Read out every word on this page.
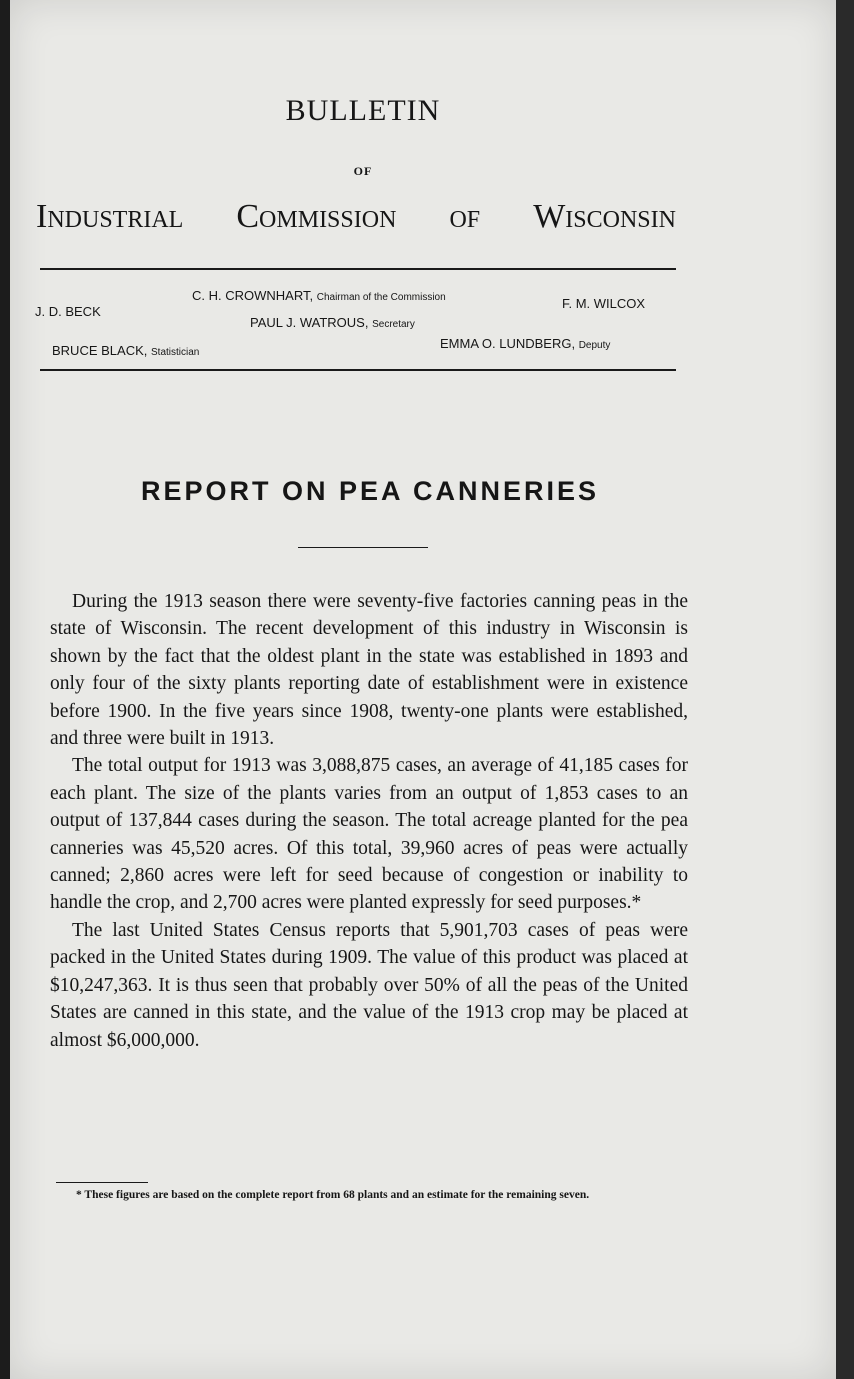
BULLETIN
OF
Industrial Commission of Wisconsin
J. D. BECK
C. H. CROWNHART, Chairman of the Commission	F. M. WILCOX
PAUL J. WATROUS, Secretary
BRUCE BLACK, Statistician
EMMA O. LUNDBERG, Deputy
REPORT ON PEA CANNERIES

During the 1913 season there were seventy-five factories canning peas in the state of Wisconsin. The recent development of this industry in Wisconsin is shown by the fact that the oldest plant in the state was established in 1893 and only four of the sixty plants reporting date of establishment were in existence before 1900. In the five years since 1908, twenty-one plants were established, and three were built in 1913.

The total output for 1913 was 3,088,875 cases, an average of 41,185 cases for each plant. The size of the plants varies from an output of 1,853 cases to an output of 137,844 cases during the season. The total acreage planted for the pea canneries was 45,520 acres. Of this total, 39,960 acres of peas were actually canned; 2,860 acres were left for seed because of congestion or inability to handle the crop, and 2,700 acres were planted expressly for seed purposes.*

The last United States Census reports that 5,901,703 cases of peas were packed in the United States during 1909. The value of this product was placed at $10,247,363. It is thus seen that probably over 50% of all the peas of the United States are canned in this state, and the value of the 1913 crop may be placed at almost $6,000,000.

* These figures are based on the complete report from 68 plants and an estimate for the remaining seven.
